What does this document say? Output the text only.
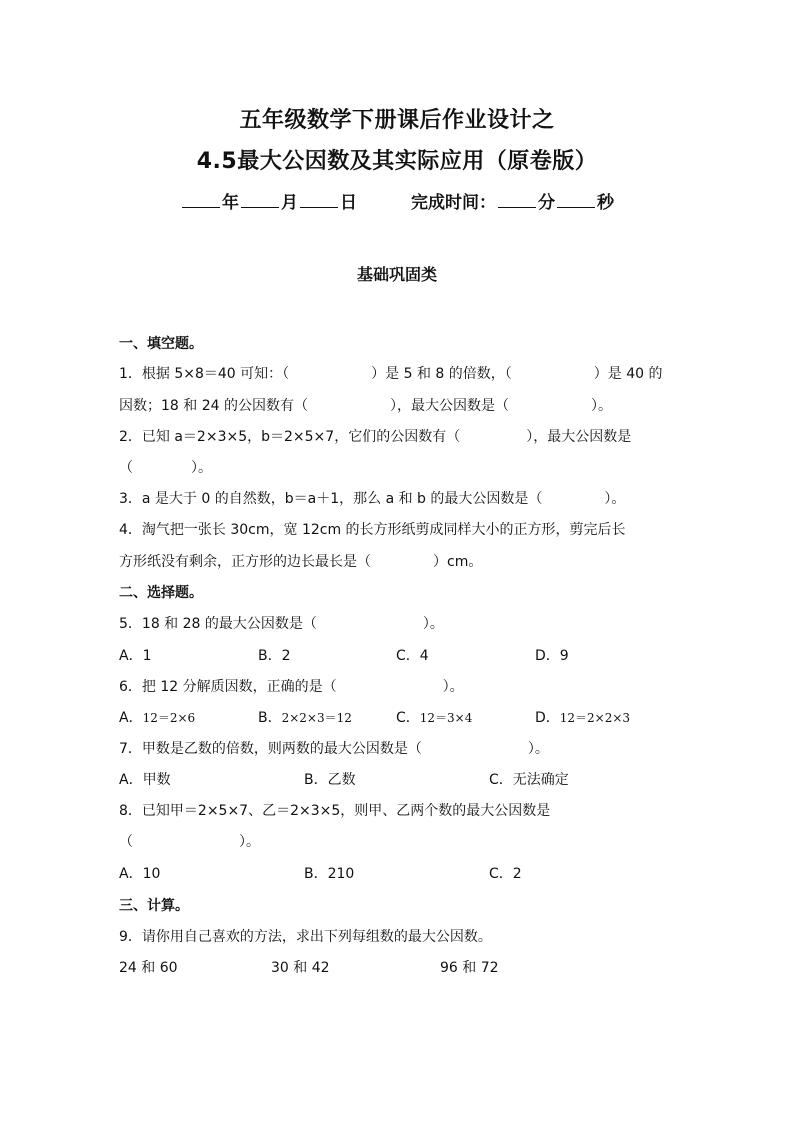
五年级数学下册课后作业设计之
4.5最大公因数及其实际应用（原卷版）
年 月 日	完成时间： 分 秒
基础巩固类
一、填空题。
1．根据 5×8＝40 可知：（	）是 5 和 8 的倍数，（	）是 40 的
因数；18 和 24 的公因数有（	），最大公因数是（	）。
2．已知 a＝2×3×5，b＝2×5×7，它们的公因数有（	），最大公因数是
（	）。
3．a 是大于 0 的自然数，b＝a＋1，那么 a 和 b 的最大公因数是（	）。
4．淘气把一张长 30cm，宽 12cm 的长方形纸剪成同样大小的正方形，剪完后长
方形纸没有剩余，正方形的边长最长是（	）cm。
二、选择题。
5．18 和 28 的最大公因数是（	）。
A．1	B．2	C．4	D．9
6．把 12 分解质因数，正确的是（	）。
A．12＝2×6	B．2×2×3＝12	C．12＝3×4	D．12＝2×2×3
7．甲数是乙数的倍数，则两数的最大公因数是（	）。
A．甲数	B．乙数	C．无法确定
8．已知甲＝2×5×7、乙＝2×3×5，则甲、乙两个数的最大公因数是
（	）。
A．10	B．210	C．2
三、计算。
9．请你用自己喜欢的方法，求出下列每组数的最大公因数。
24 和 60	30 和 42	96 和 72
